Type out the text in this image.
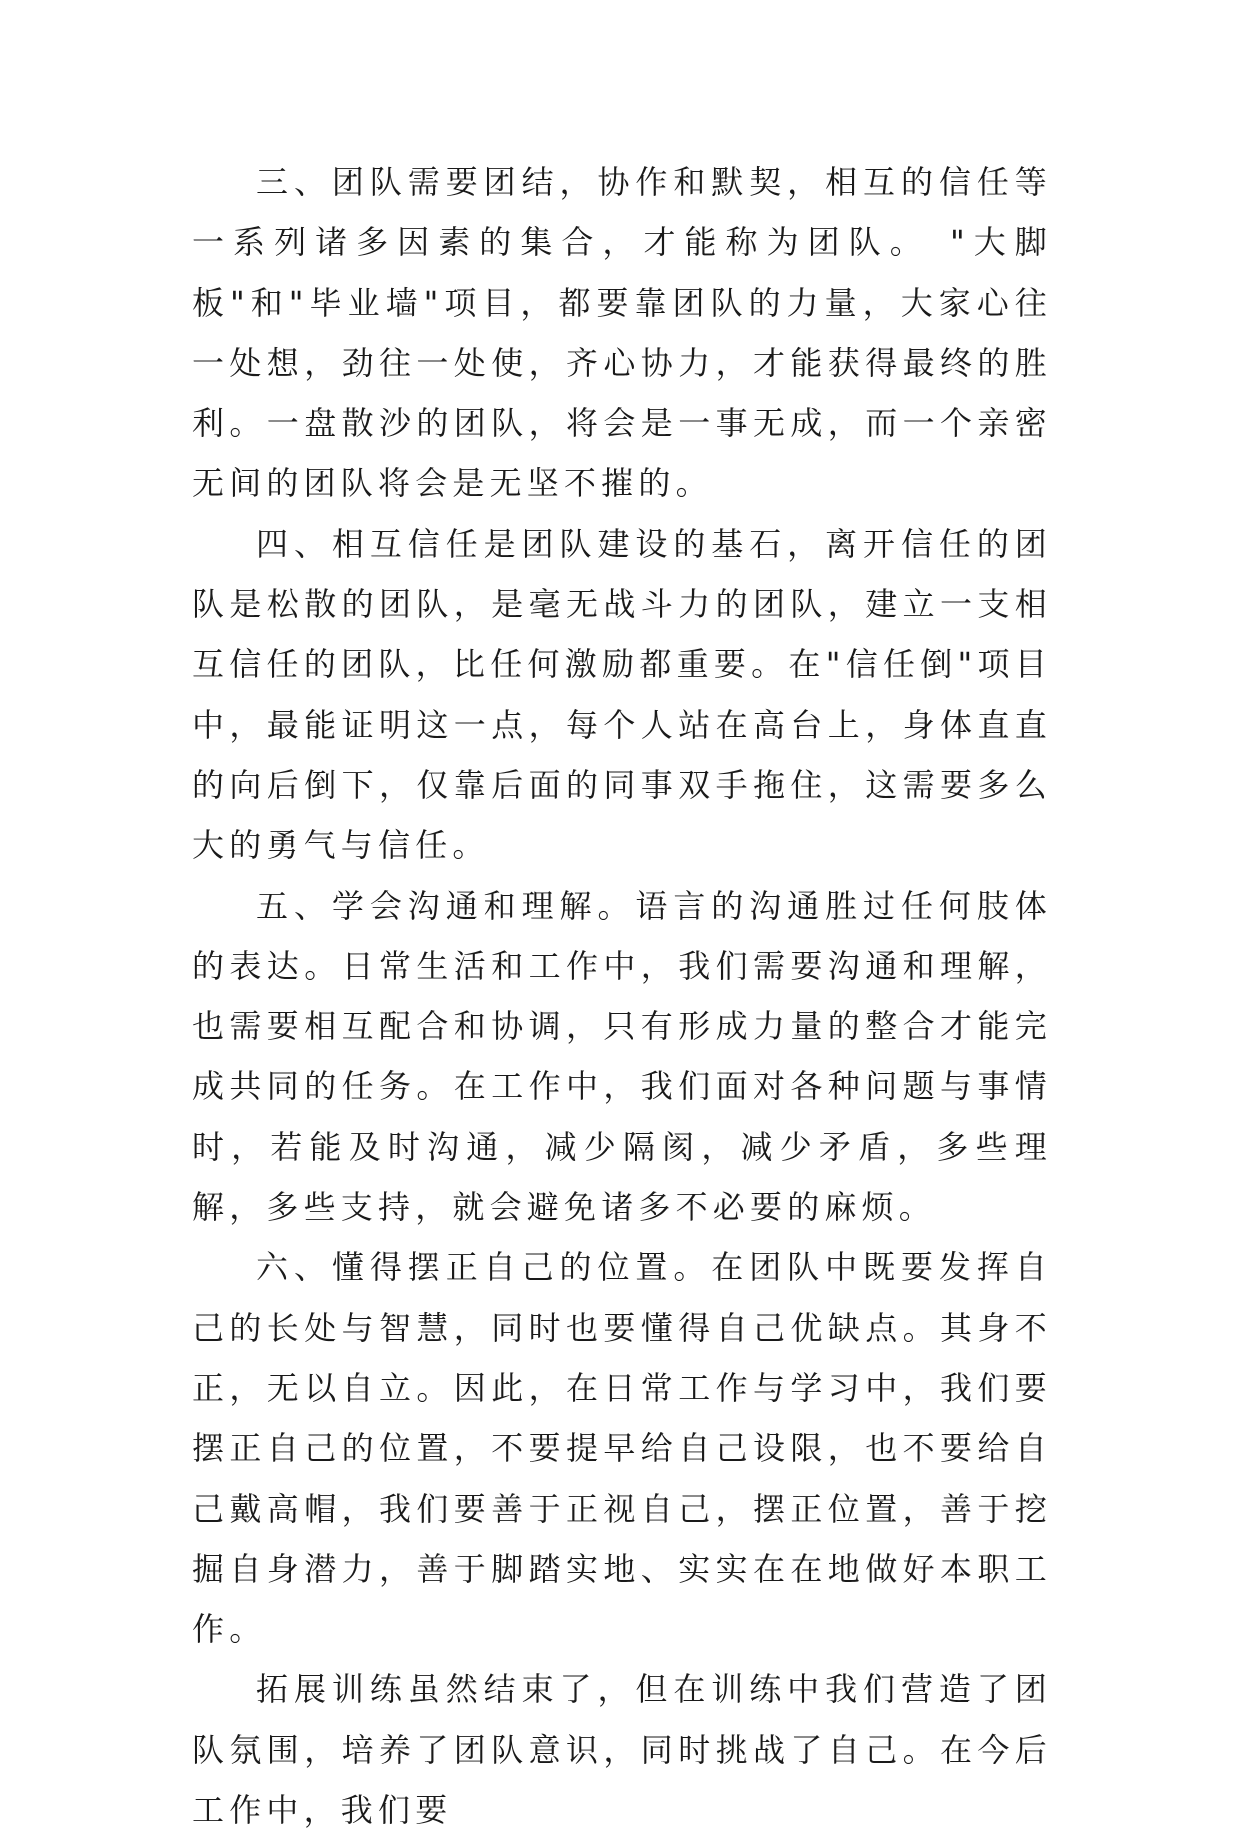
三、团队需要团结，协作和默契，相互的信任等一系列诸多因素的集合，才能称为团队。 "大脚板"和"毕业墙"项目，都要靠团队的力量，大家心往一处想，劲往一处使，齐心协力，才能获得最终的胜利。一盘散沙的团队，将会是一事无成，而一个亲密无间的团队将会是无坚不摧的。

四、相互信任是团队建设的基石，离开信任的团队是松散的团队，是毫无战斗力的团队，建立一支相互信任的团队，比任何激励都重要。在"信任倒"项目中，最能证明这一点，每个人站在高台上，身体直直的向后倒下，仅靠后面的同事双手拖住，这需要多么大的勇气与信任。

五、学会沟通和理解。语言的沟通胜过任何肢体的表达。日常生活和工作中，我们需要沟通和理解，也需要相互配合和协调，只有形成力量的整合才能完成共同的任务。在工作中，我们面对各种问题与事情时，若能及时沟通，减少隔阂，减少矛盾，多些理解，多些支持，就会避免诸多不必要的麻烦。

六、懂得摆正自己的位置。在团队中既要发挥自己的长处与智慧，同时也要懂得自己优缺点。其身不正，无以自立。因此，在日常工作与学习中，我们要摆正自己的位置，不要提早给自己设限，也不要给自己戴高帽，我们要善于正视自己，摆正位置，善于挖掘自身潜力，善于脚踏实地、实实在在地做好本职工作。

拓展训练虽然结束了，但在训练中我们营造了团队氛围，培养了团队意识，同时挑战了自己。在今后工作中，我们要
